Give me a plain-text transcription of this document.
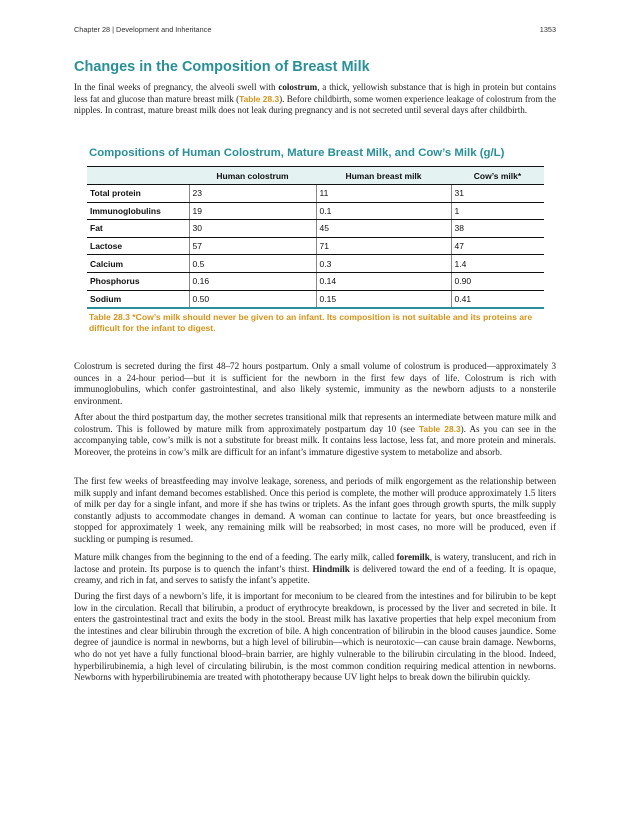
Chapter 28 | Development and Inheritance	1353
Changes in the Composition of Breast Milk

In the final weeks of pregnancy, the alveoli swell with colostrum, a thick, yellowish substance that is high in protein but contains less fat and glucose than mature breast milk (Table 28.3). Before childbirth, some women experience leakage of colostrum from the nipples. In contrast, mature breast milk does not leak during pregnancy and is not secreted until several days after childbirth.

Compositions of Human Colostrum, Mature Breast Milk, and Cow’s Milk (g/L)
	Human colostrum	Human breast milk	Cow’s milk*
Total protein	23	11	31
Immunoglobulins	19	0.1	1
Fat	30	45	38
Lactose	57	71	47
Calcium	0.5	0.3	1.4
Phosphorus	0.16	0.14	0.90
Sodium	0.50	0.15	0.41

Table 28.3 *Cow’s milk should never be given to an infant. Its composition is not suitable and its proteins are difficult for the infant to digest.

Colostrum is secreted during the first 48–72 hours postpartum. Only a small volume of colostrum is produced—approximately 3 ounces in a 24-hour period—but it is sufficient for the newborn in the first few days of life. Colostrum is rich with immunoglobulins, which confer gastrointestinal, and also likely systemic, immunity as the newborn adjusts to a nonsterile environment.

After about the third postpartum day, the mother secretes transitional milk that represents an intermediate between mature milk and colostrum. This is followed by mature milk from approximately postpartum day 10 (see Table 28.3). As you can see in the accompanying table, cow’s milk is not a substitute for breast milk. It contains less lactose, less fat, and more protein and minerals. Moreover, the proteins in cow’s milk are difficult for an infant’s immature digestive system to metabolize and absorb.

The first few weeks of breastfeeding may involve leakage, soreness, and periods of milk engorgement as the relationship between milk supply and infant demand becomes established. Once this period is complete, the mother will produce approximately 1.5 liters of milk per day for a single infant, and more if she has twins or triplets. As the infant goes through growth spurts, the milk supply constantly adjusts to accommodate changes in demand. A woman can continue to lactate for years, but once breastfeeding is stopped for approximately 1 week, any remaining milk will be reabsorbed; in most cases, no more will be produced, even if suckling or pumping is resumed.

Mature milk changes from the beginning to the end of a feeding. The early milk, called foremilk, is watery, translucent, and rich in lactose and protein. Its purpose is to quench the infant’s thirst. Hindmilk is delivered toward the end of a feeding. It is opaque, creamy, and rich in fat, and serves to satisfy the infant’s appetite.

During the first days of a newborn’s life, it is important for meconium to be cleared from the intestines and for bilirubin to be kept low in the circulation. Recall that bilirubin, a product of erythrocyte breakdown, is processed by the liver and secreted in bile. It enters the gastrointestinal tract and exits the body in the stool. Breast milk has laxative properties that help expel meconium from the intestines and clear bilirubin through the excretion of bile. A high concentration of bilirubin in the blood causes jaundice. Some degree of jaundice is normal in newborns, but a high level of bilirubin—which is neurotoxic—can cause brain damage. Newborns, who do not yet have a fully functional blood–brain barrier, are highly vulnerable to the bilirubin circulating in the blood. Indeed, hyperbilirubinemia, a high level of circulating bilirubin, is the most common condition requiring medical attention in newborns. Newborns with hyperbilirubinemia are treated with phototherapy because UV light helps to break down the bilirubin quickly.
